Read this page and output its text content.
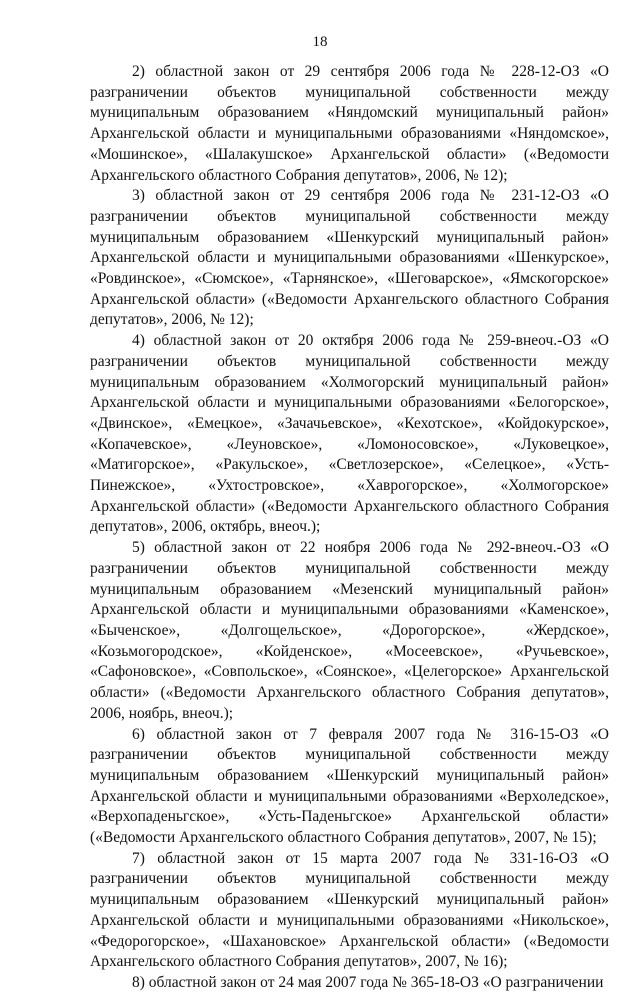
18

2) областной закон от 29 сентября 2006 года № 228-12-ОЗ «О разграничении объектов муниципальной собственности между муниципальным образованием «Няндомский муниципальный район» Архангельской области и муниципальными образованиями «Няндомское», «Мошинское», «Шалакушское» Архангельской области» («Ведомости Архангельского областного Собрания депутатов», 2006, № 12);

3) областной закон от 29 сентября 2006 года № 231-12-ОЗ «О разграничении объектов муниципальной собственности между муниципальным образованием «Шенкурский муниципальный район» Архангельской области и муниципальными образованиями «Шенкурское», «Ровдинское», «Сюмское», «Тарнянское», «Шеговарское», «Ямскогорское» Архангельской области» («Ведомости Архангельского областного Собрания депутатов», 2006, № 12);

4) областной закон от 20 октября 2006 года № 259-внеоч.-ОЗ «О разграничении объектов муниципальной собственности между муниципальным образованием «Холмогорский муниципальный район» Архангельской области и муниципальными образованиями «Белогорское», «Двинское», «Емецкое», «Зачачьевское», «Кехотское», «Койдокурское», «Копачевское», «Леуновское», «Ломоносовское», «Луковецкое», «Матигорское», «Ракульское», «Светлозерское», «Селецкое», «Усть-Пинежское», «Ухтостровское», «Хаврогорское», «Холмогорское» Архангельской области» («Ведомости Архангельского областного Собрания депутатов», 2006, октябрь, внеоч.);

5) областной закон от 22 ноября 2006 года № 292-внеоч.-ОЗ «О разграничении объектов муниципальной собственности между муниципальным образованием «Мезенский муниципальный район» Архангельской области и муниципальными образованиями «Каменское», «Быченское», «Долгощельское», «Дорогорское», «Жердское», «Козьмогородское», «Койденское», «Мосеевское», «Ручьевское», «Сафоновское», «Совпольское», «Соянское», «Целегорское» Архангельской области» («Ведомости Архангельского областного Собрания депутатов», 2006, ноябрь, внеоч.);

6) областной закон от 7 февраля 2007 года № 316-15-ОЗ «О разграничении объектов муниципальной собственности между муниципальным образованием «Шенкурский муниципальный район» Архангельской области и муниципальными образованиями «Верхоледское», «Верхопаденьгское», «Усть-Паденьгское» Архангельской области» («Ведомости Архангельского областного Собрания депутатов», 2007, № 15);

7) областной закон от 15 марта 2007 года № 331-16-ОЗ «О разграничении объектов муниципальной собственности между муниципальным образованием «Шенкурский муниципальный район» Архангельской области и муниципальными образованиями «Никольское», «Федорогорское», «Шахановское» Архангельской области» («Ведомости Архангельского областного Собрания депутатов», 2007, № 16);

8) областной закон от 24 мая 2007 года № 365-18-ОЗ «О разграничении
